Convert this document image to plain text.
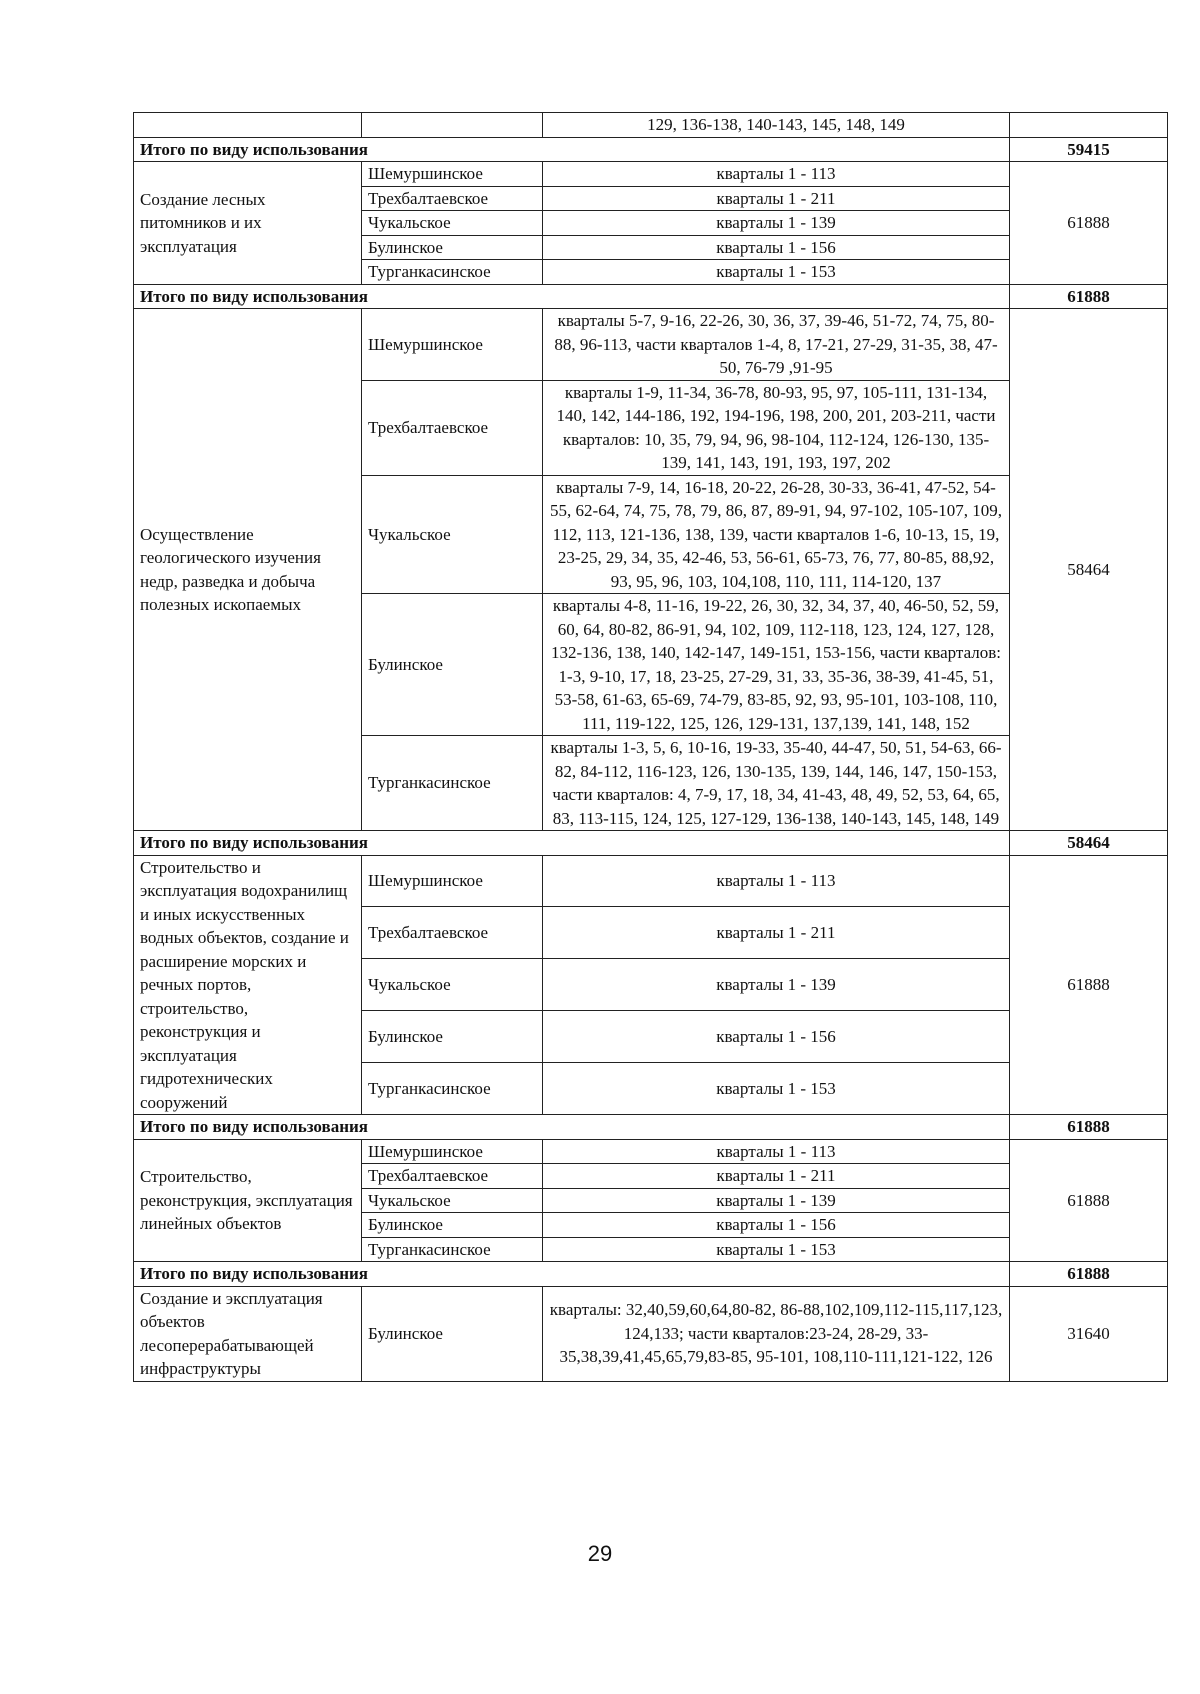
		129, 136-138, 140-143, 145, 148, 149	
Итого по виду использования			59415
Создание лесных питомников и их эксплуатация	Шемуршинское	кварталы 1 - 113	61888
	Трехбалтаевское	кварталы 1 - 211	
	Чукальское	кварталы 1 - 139	
	Булинское	кварталы 1 - 156	
	Турганкасинское	кварталы 1 - 153	
Итого по виду использования			61888
Осуществление геологического изучения недр, разведка и добыча полезных ископаемых	Шемуршинское	кварталы 5-7, 9-16, 22-26, 30, 36, 37, 39-46, 51-72, 74, 75, 80-88, 96-113, части кварталов 1-4, 8, 17-21, 27-29, 31-35, 38, 47-50, 76-79 ,91-95	58464
	Трехбалтаевское	кварталы 1-9, 11-34, 36-78, 80-93, 95, 97, 105-111, 131-134, 140, 142, 144-186, 192, 194-196, 198, 200, 201, 203-211, части кварталов: 10, 35, 79, 94, 96, 98-104, 112-124, 126-130, 135-139, 141, 143, 191, 193, 197, 202	
	Чукальское	кварталы 7-9, 14, 16-18, 20-22, 26-28, 30-33, 36-41, 47-52, 54-55, 62-64, 74, 75, 78, 79, 86, 87, 89-91, 94, 97-102, 105-107, 109, 112, 113, 121-136, 138, 139, части кварталов 1-6, 10-13, 15, 19, 23-25, 29, 34, 35, 42-46, 53, 56-61, 65-73, 76, 77, 80-85, 88,92, 93, 95, 96, 103, 104,108, 110, 111, 114-120, 137	
	Булинское	кварталы 4-8, 11-16, 19-22, 26, 30, 32, 34, 37, 40, 46-50, 52, 59, 60, 64, 80-82, 86-91, 94, 102, 109, 112-118, 123, 124, 127, 128, 132-136, 138, 140, 142-147, 149-151, 153-156, части кварталов: 1-3, 9-10, 17, 18, 23-25, 27-29, 31, 33, 35-36, 38-39, 41-45, 51, 53-58, 61-63, 65-69, 74-79, 83-85, 92, 93, 95-101, 103-108, 110, 111, 119-122, 125, 126, 129-131, 137,139, 141, 148, 152	
	Турганкасинское	кварталы 1-3, 5, 6, 10-16, 19-33, 35-40, 44-47, 50, 51, 54-63, 66-82, 84-112, 116-123, 126, 130-135, 139, 144, 146, 147, 150-153, части кварталов: 4, 7-9, 17, 18, 34, 41-43, 48, 49, 52, 53, 64, 65, 83, 113-115, 124, 125, 127-129, 136-138, 140-143, 145, 148, 149	
Итого по виду использования			58464
Строительство и эксплуатация водохранилищ и иных искусственных водных объектов, создание и расширение морских и речных портов, строительство, реконструкция и эксплуатация гидротехнических сооружений	Шемуршинское	кварталы 1 - 113	61888
	Трехбалтаевское	кварталы 1 - 211	
	Чукальское	кварталы 1 - 139	
	Булинское	кварталы 1 - 156	
	Турганкасинское	кварталы 1 - 153	
Итого по виду использования			61888
Строительство, реконструкция, эксплуатация линейных объектов	Шемуршинское	кварталы 1 - 113	61888
	Трехбалтаевское	кварталы 1 - 211	
	Чукальское	кварталы 1 - 139	
	Булинское	кварталы 1 - 156	
	Турганкасинское	кварталы 1 - 153	
Итого по виду использования			61888
Создание и эксплуатация объектов лесоперерабатывающей инфраструктуры	Булинское	кварталы: 32,40,59,60,64,80-82, 86-88,102,109,112-115,117,123, 124,133; части кварталов:23-24, 28-29, 33-35,38,39,41,45,65,79,83-85, 95-101, 108,110-111,121-122, 126	31640
29
